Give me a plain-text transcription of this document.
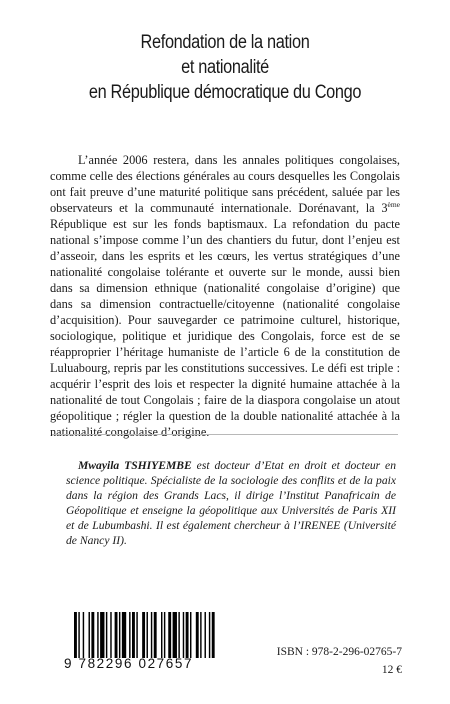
Refondation de la nation
et nationalité
en République démocratique du Congo
L’année 2006 restera, dans les annales politiques congolaises, comme celle des élections générales au cours desquelles les Congolais ont fait preuve d’une maturité politique sans précédent, saluée par les observateurs et la communauté internationale. Dorénavant, la 3ème République est sur les fonds baptismaux. La refondation du pacte national s’impose comme l’un des chantiers du futur, dont l’enjeu est d’asseoir, dans les esprits et les cœurs, les vertus stratégiques d’une nationalité congolaise tolérante et ouverte sur le monde, aussi bien dans sa dimension ethnique (nationalité congolaise d’origine) que dans sa dimension contractuelle/citoyenne (nationalité congolaise d’acquisition). Pour sauvegarder ce patrimoine culturel, historique, sociologique, politique et juridique des Congolais, force est de se réapproprier l’héritage humaniste de l’article 6 de la constitution de Luluabourg, repris par les constitutions successives. Le défi est triple : acquérir l’esprit des lois et respecter la dignité humaine attachée à la nationalité de tout Congolais ; faire de la diaspora congolaise un atout géopolitique ; régler la question de la double nationalité attachée à la nationalité congolaise d’origine.
Mwayila TSHIYEMBE est docteur d’Etat en droit et docteur en science politique. Spécialiste de la sociologie des conflits et de la paix dans la région des Grands Lacs, il dirige l’Institut Panafricain de Géopolitique et enseigne la géopolitique aux Universités de Paris XII et de Lubumbashi. Il est également chercheur à l’IRENEE (Université de Nancy II).
9 782296 027657
ISBN : 978-2-296-02765-7
12 €
